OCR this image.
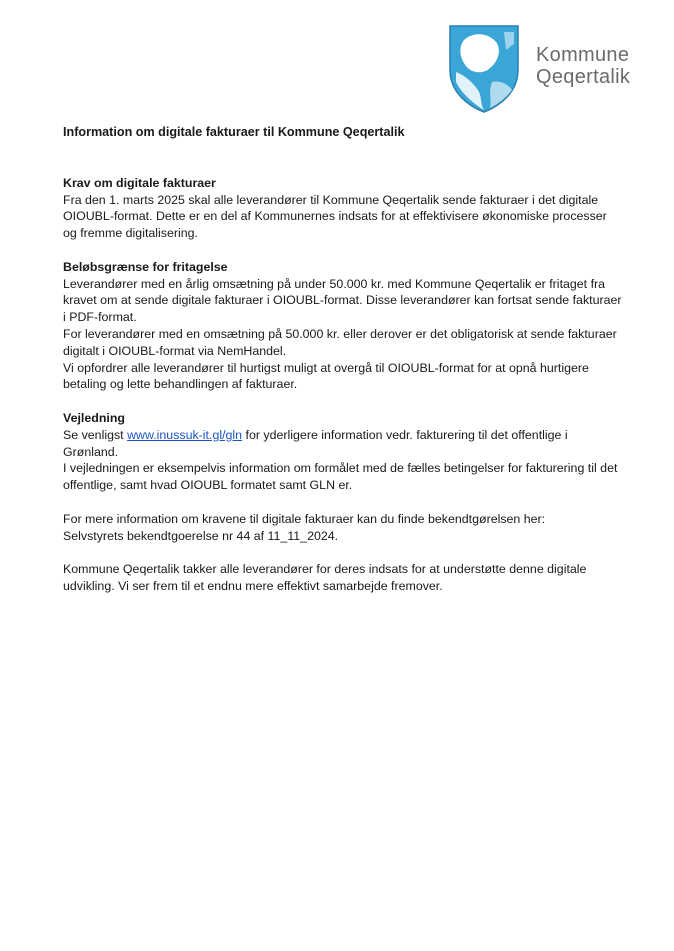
Kommune
Qeqertalik
Information om digitale fakturaer til Kommune Qeqertalik
Krav om digitale fakturaer

Fra den 1. marts 2025 skal alle leverandører til Kommune Qeqertalik sende fakturaer i det digitale OIOUBL-format. Dette er en del af Kommunernes indsats for at effektivisere økonomiske processer og fremme digitalisering.

Beløbsgrænse for fritagelse

Leverandører med en årlig omsætning på under 50.000 kr. med Kommune Qeqertalik er fritaget fra kravet om at sende digitale fakturaer i OIOUBL-format. Disse leverandører kan fortsat sende fakturaer i PDF-format.

For leverandører med en omsætning på 50.000 kr. eller derover er det obligatorisk at sende fakturaer digitalt i OIOUBL-format via NemHandel.

Vi opfordrer alle leverandører til hurtigst muligt at overgå til OIOUBL-format for at opnå hurtigere betaling og lette behandlingen af fakturaer.

Vejledning

Se venligst www.inussuk-it.gl/gln for yderligere information vedr. fakturering til det offentlige i Grønland.

I vejledningen er eksempelvis information om formålet med de fælles betingelser for fakturering til det offentlige, samt hvad OIOUBL formatet samt GLN er.

For mere information om kravene til digitale fakturaer kan du finde bekendtgørelsen her:

Selvstyrets bekendtgoerelse nr 44 af 11_11_2024.

Kommune Qeqertalik takker alle leverandører for deres indsats for at understøtte denne digitale udvikling. Vi ser frem til et endnu mere effektivt samarbejde fremover.
